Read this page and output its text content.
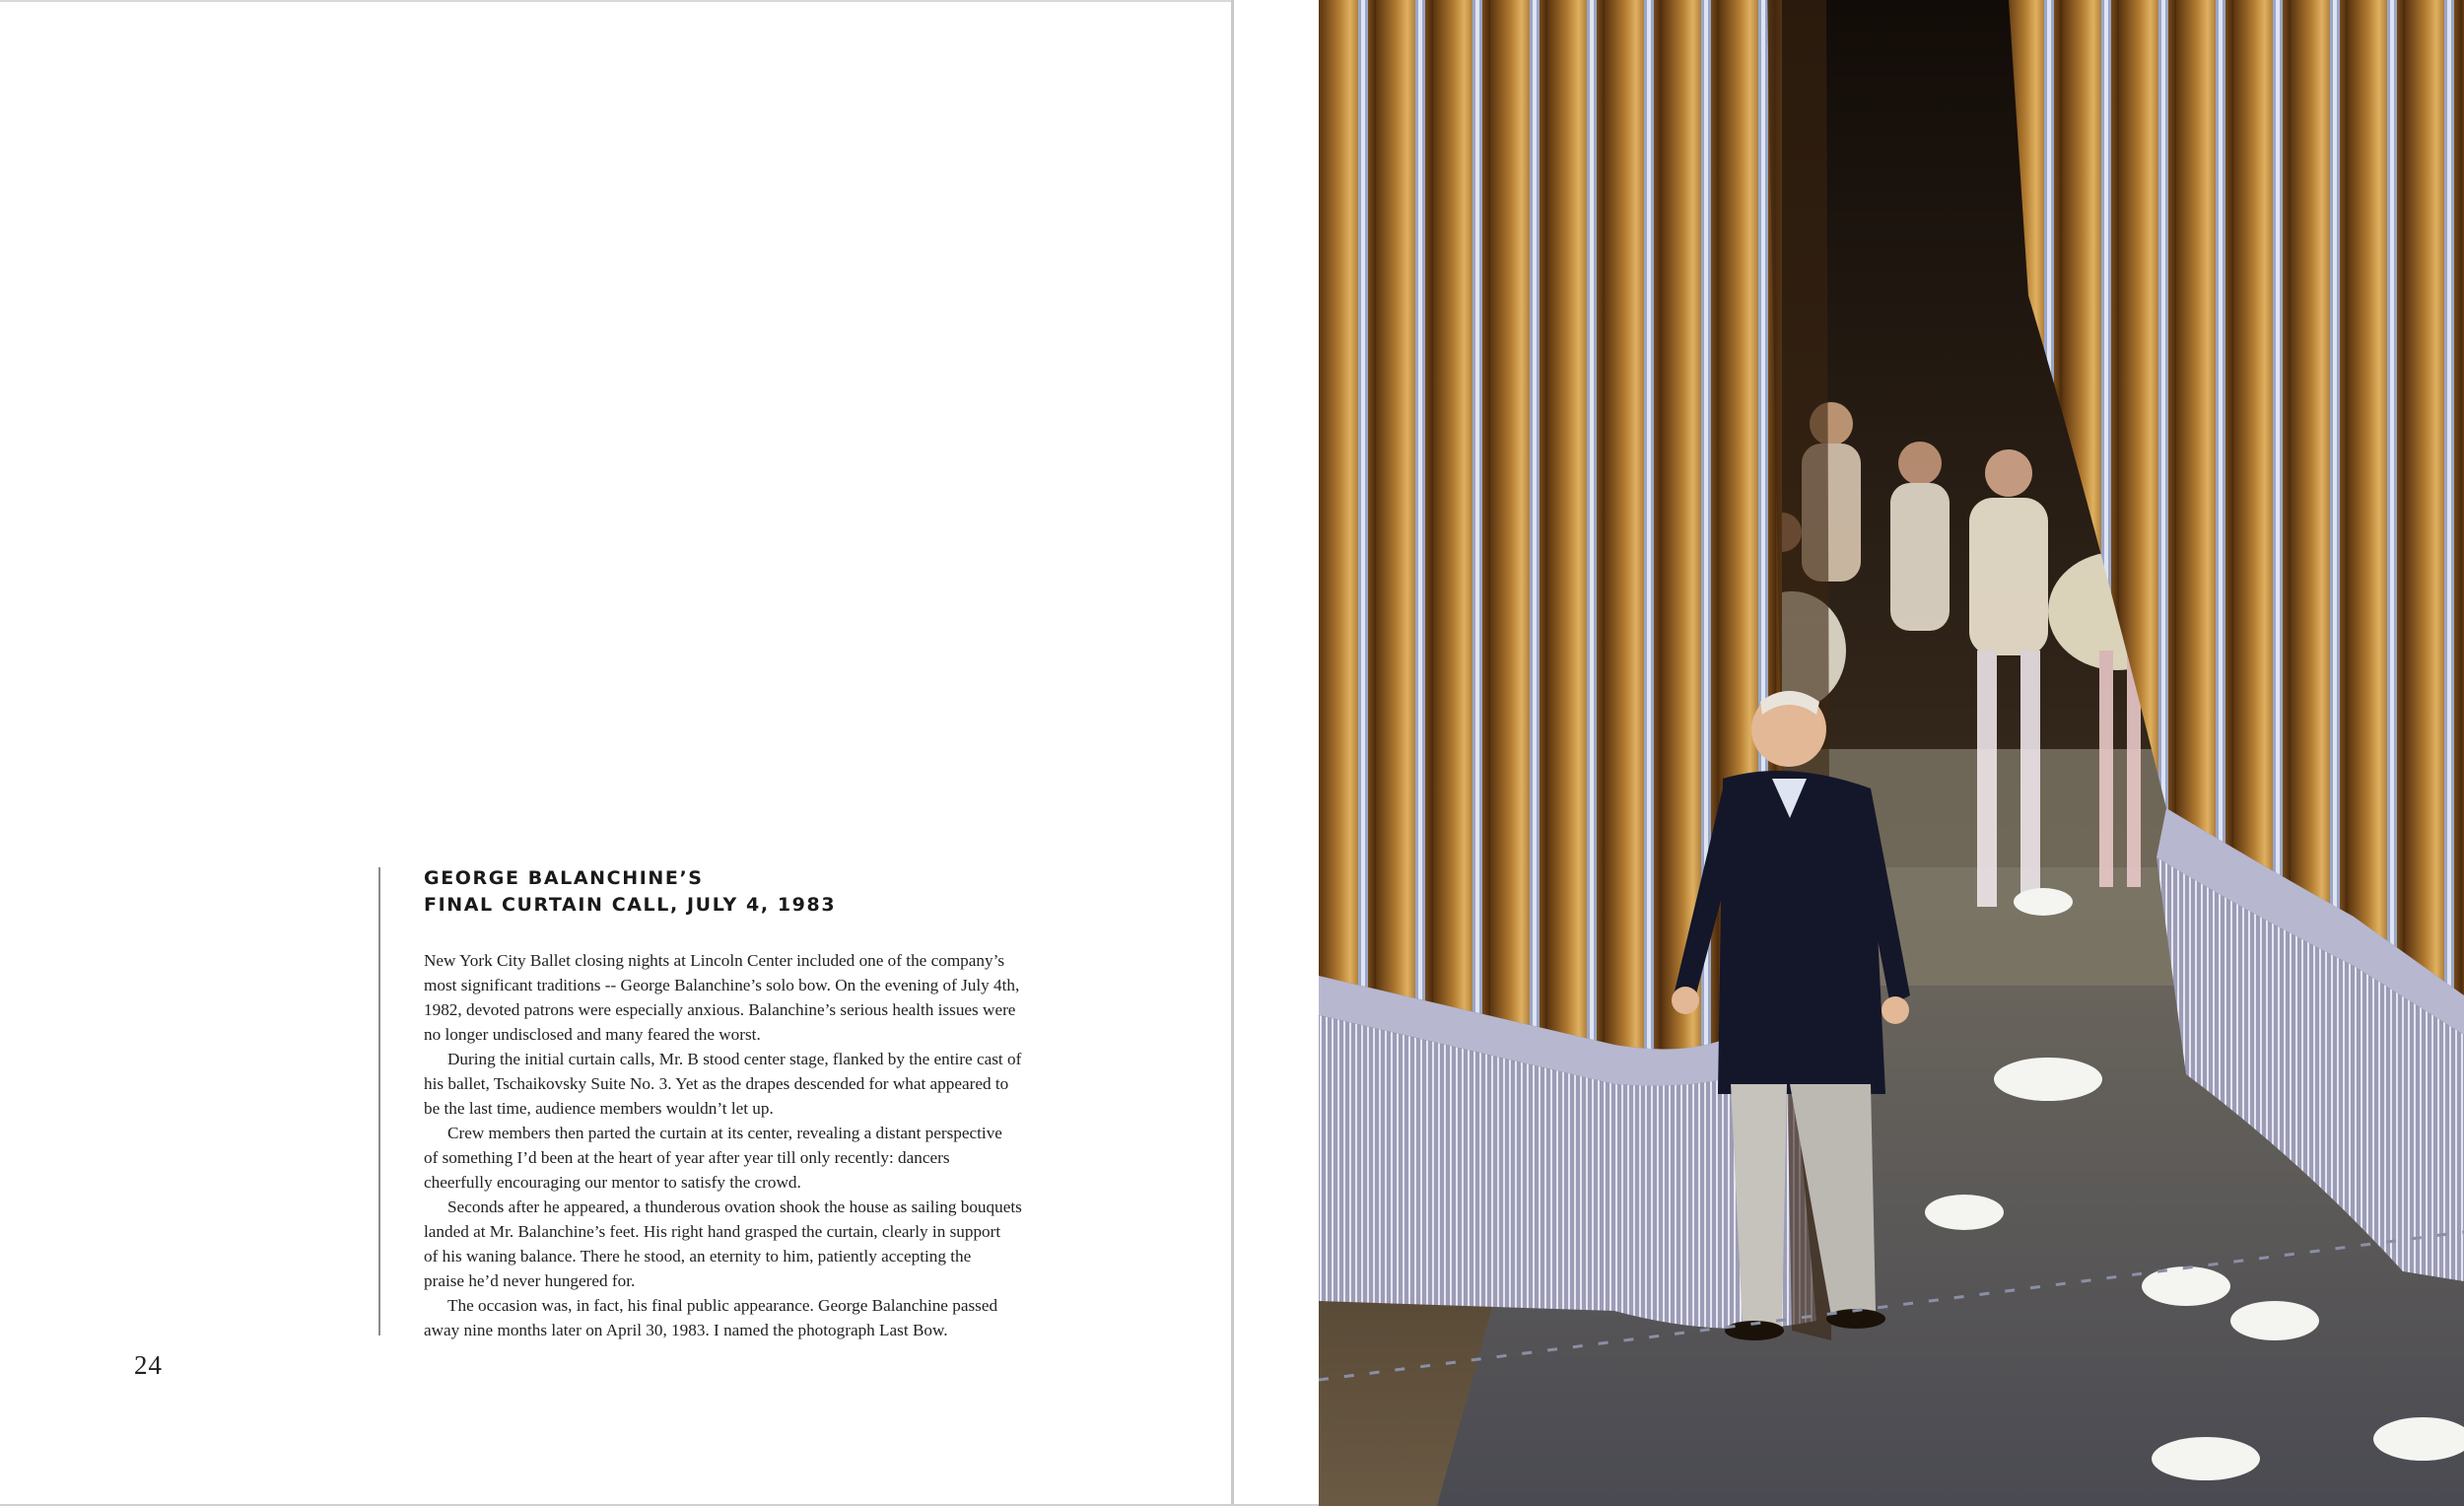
GEORGE BALANCHINE’S
FINAL CURTAIN CALL, JULY 4, 1983

New York City Ballet closing nights at Lincoln Center included one of the company’s
most significant traditions -- George Balanchine’s solo bow. On the evening of July 4th,
1982, devoted patrons were especially anxious. Balanchine’s serious health issues were
no longer undisclosed and many feared the worst.

During the initial curtain calls, Mr. B stood center stage, flanked by the entire cast of
his ballet, Tschaikovsky Suite No. 3. Yet as the drapes descended for what appeared to
be the last time, audience members wouldn’t let up.

Crew members then parted the curtain at its center, revealing a distant perspective
of something I’d been at the heart of year after year till only recently: dancers
cheerfully encouraging our mentor to satisfy the crowd.

Seconds after he appeared, a thunderous ovation shook the house as sailing bouquets
landed at Mr. Balanchine’s feet. His right hand grasped the curtain, clearly in support
of his waning balance. There he stood, an eternity to him, patiently accepting the
praise he’d never hungered for.

The occasion was, in fact, his final public appearance. George Balanchine passed
away nine months later on April 30, 1983. I named the photograph Last Bow.

24
